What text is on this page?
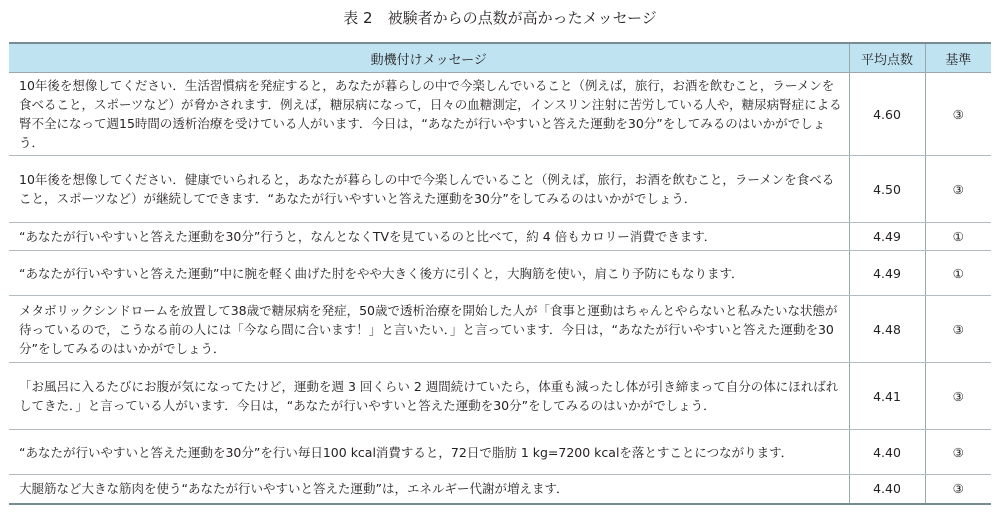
表 2　被験者からの点数が高かったメッセージ
動機付けメッセージ	平均点数	基準
10年後を想像してください．生活習慣病を発症すると，あなたが暮らしの中で今楽しんでいること（例えば，旅行，お酒を飲むこと，ラーメンを食べること，スポーツなど）が脅かされます．例えば，糖尿病になって，日々の血糖測定，インスリン注射に苦労している人や，糖尿病腎症による腎不全になって週15時間の透析治療を受けている人がいます．今日は，“あなたが行いやすいと答えた運動を30分”をしてみるのはいかがでしょう．	4.60	③
10年後を想像してください．健康でいられると，あなたが暮らしの中で今楽しんでいること（例えば，旅行，お酒を飲むこと，ラーメンを食べること，スポーツなど）が継続してできます．“あなたが行いやすいと答えた運動を30分”をしてみるのはいかがでしょう．	4.50	③
“あなたが行いやすいと答えた運動を30分”行うと，なんとなくTVを見ているのと比べて，約 4 倍もカロリー消費できます．	4.49	①
“あなたが行いやすいと答えた運動”中に腕を軽く曲げた肘をやや大きく後方に引くと，大胸筋を使い，肩こり予防にもなります．	4.49	①
メタボリックシンドロームを放置して38歳で糖尿病を発症，50歳で透析治療を開始した人が「食事と運動はちゃんとやらないと私みたいな状態が待っているので，こうなる前の人には「今なら間に合います！」と言いたい．」と言っています．今日は，“あなたが行いやすいと答えた運動を30分”をしてみるのはいかがでしょう．	4.48	③
「お風呂に入るたびにお腹が気になってたけど，運動を週 3 回くらい 2 週間続けていたら，体重も減ったし体が引き締まって自分の体にほればれしてきた．」と言っている人がいます．今日は，“あなたが行いやすいと答えた運動を30分”をしてみるのはいかがでしょう．	4.41	③
“あなたが行いやすいと答えた運動を30分”を行い毎日100 kcal消費すると，72日で脂肪 1 kg=7200 kcalを落とすことにつながります．	4.40	③
大腿筋など大きな筋肉を使う“あなたが行いやすいと答えた運動”は，エネルギー代謝が増えます．	4.40	③
